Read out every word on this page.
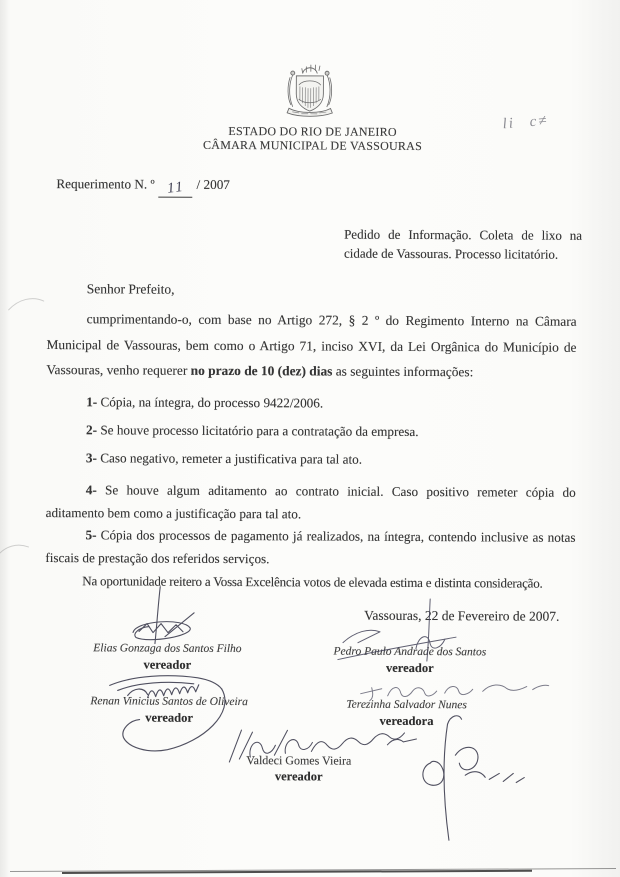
ESTADO DO RIO DE JANEIRO
CÂMARA MUNICIPAL DE VASSOURAS
li c≠
Requerimento N. º 11 / 2007
Pedido de Informação. Coleta de lixo na
cidade de Vassouras. Processo licitatório.
Senhor Prefeito,
cumprimentando-o, com base no Artigo 272, § 2 º do Regimento Interno na Câmara
Municipal de Vassouras, bem como o Artigo 71, inciso XVI, da Lei Orgânica do Município de
Vassouras, venho requerer no prazo de 10 (dez) dias as seguintes informações:
1- Cópia, na íntegra, do processo 9422/2006.
2- Se houve processo licitatório para a contratação da empresa.
3- Caso negativo, remeter a justificativa para tal ato.
4- Se houve algum aditamento ao contrato inicial. Caso positivo remeter cópia do
aditamento bem como a justificação para tal ato.
5- Cópia dos processos de pagamento já realizados, na íntegra, contendo inclusive as notas
fiscais de prestação dos referidos serviços.
Na oportunidade reitero a Vossa Excelência votos de elevada estima e distinta consideração.
Vassouras, 22 de Fevereiro de 2007.
Elias Gonzaga dos Santos Filho
vereador
Pedro Paulo Andrade dos Santos
vereador
Renan Vinicius Santos de Oliveira
vereador
Terezinha Salvador Nunes
vereadora
Valdeci Gomes Vieira
vereador
